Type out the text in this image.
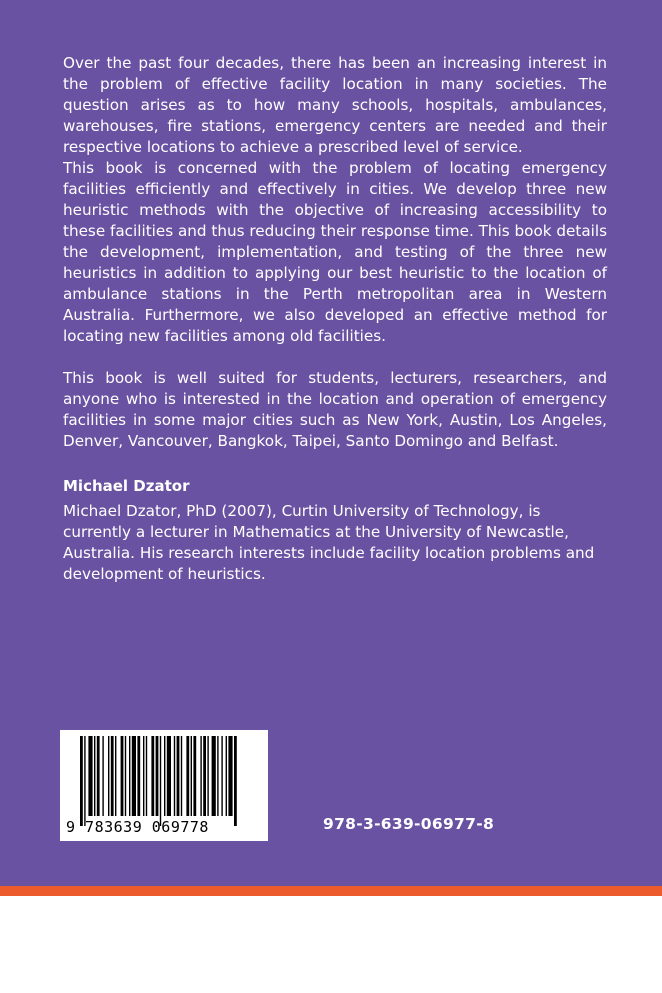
Over the past four decades, there has been an increasing interest in the problem of effective facility location in many societies. The question arises as to how many schools, hospitals, ambulances, warehouses, fire stations, emergency centers are needed and their respective locations to achieve a prescribed level of service.

This book is concerned with the problem of locating emergency facilities efficiently and effectively in cities. We develop three new heuristic methods with the objective of increasing accessibility to these facilities and thus reducing their response time. This book details the development, implementation, and testing of the three new heuristics in addition to applying our best heuristic to the location of ambulance stations in the Perth metropolitan area in Western Australia. Furthermore, we also developed an effective method for locating new facilities among old facilities.

This book is well suited for students, lecturers, researchers, and anyone who is interested in the location and operation of emergency facilities in some major cities such as New York, Austin, Los Angeles, Denver, Vancouver, Bangkok, Taipei, Santo Domingo and Belfast.

Michael Dzator
Michael Dzator, PhD (2007), Curtin University of Technology, is currently a lecturer in Mathematics at the University of Newcastle, Australia. His research interests include facility location problems and development of heuristics.
9 783639 069778	978-3-639-06977-8
